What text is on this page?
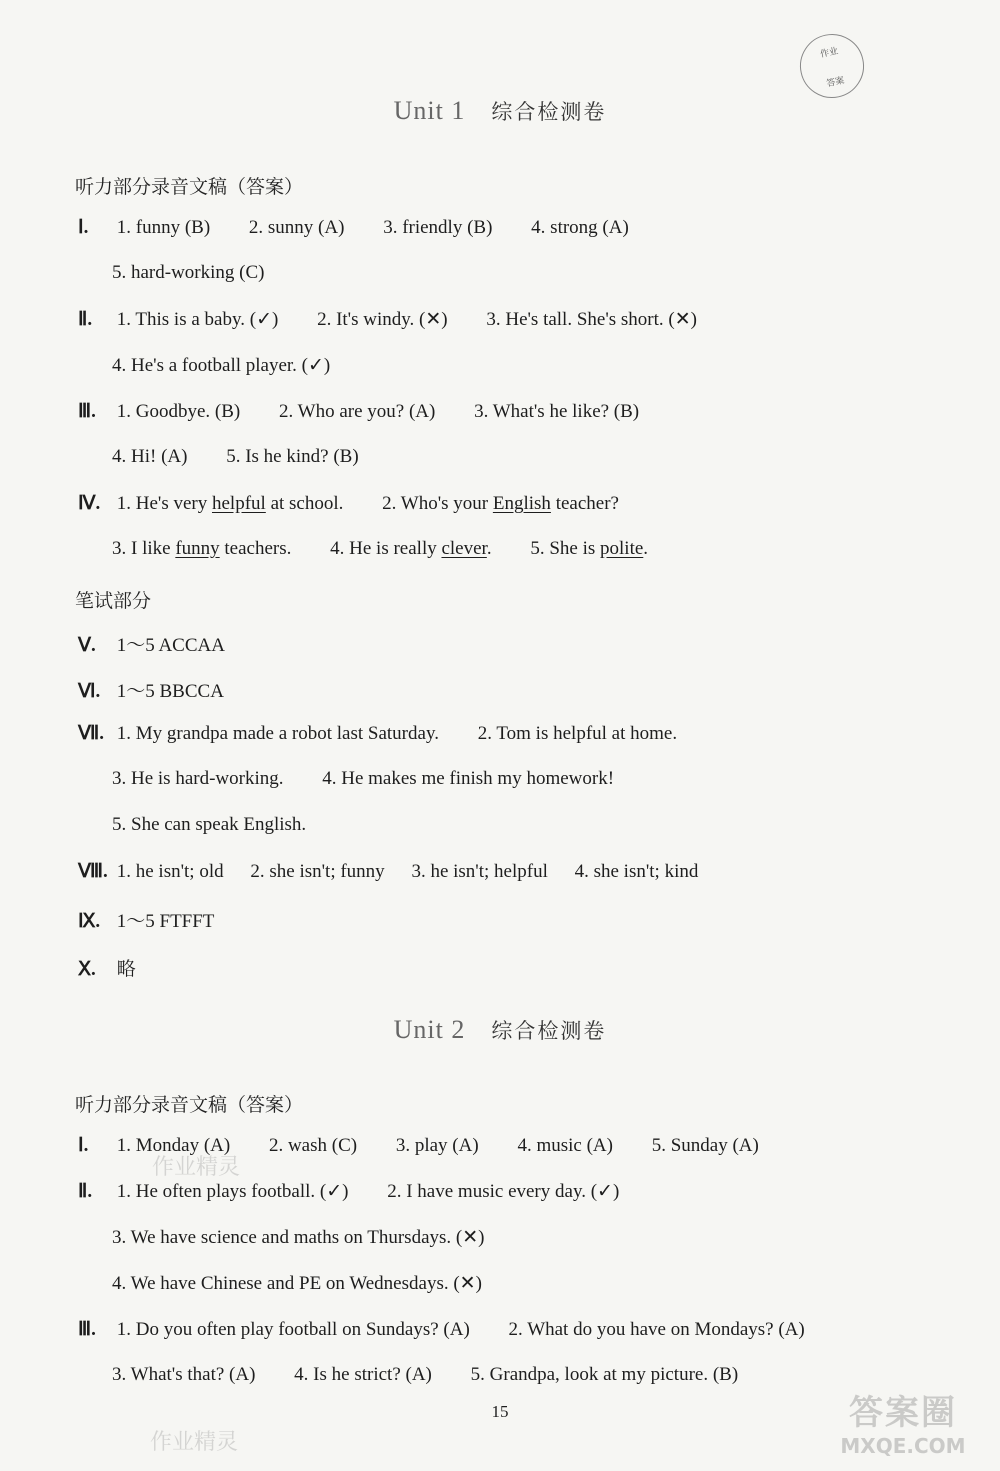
作业
答案
Unit 1 综合检测卷
听力部分录音文稿（答案）
Ⅰ. 1. funny (B) 2. sunny (A) 3. friendly (B) 4. strong (A)
5. hard-working (C)
Ⅱ. 1. This is a baby. (✓) 2. It's windy. (✕) 3. He's tall. She's short. (✕)
4. He's a football player. (✓)
Ⅲ. 1. Goodbye. (B) 2. Who are you? (A) 3. What's he like? (B)
4. Hi! (A) 5. Is he kind? (B)
Ⅳ. 1. He's very helpful at school. 2. Who's your English teacher?
3. I like funny teachers. 4. He is really clever. 5. She is polite.
笔试部分
Ⅴ. 1～5 ACCAA
Ⅵ. 1～5 BBCCA
Ⅶ. 1. My grandpa made a robot last Saturday. 2. Tom is helpful at home.
3. He is hard-working. 4. He makes me finish my homework!
5. She can speak English.
Ⅷ. 1. he isn't; old 2. she isn't; funny 3. he isn't; helpful 4. she isn't; kind
Ⅸ. 1～5 FTFFT
Ⅹ. 略
Unit 2 综合检测卷
听力部分录音文稿（答案）
Ⅰ. 1. Monday (A) 2. wash (C) 3. play (A) 4. music (A) 5. Sunday (A)
Ⅱ. 1. He often plays football. (✓) 2. I have music every day. (✓)
3. We have science and maths on Thursdays. (✕)
4. We have Chinese and PE on Wednesdays. (✕)
Ⅲ. 1. Do you often play football on Sundays? (A) 2. What do you have on Mondays? (A)
3. What's that? (A) 4. Is he strict? (A) 5. Grandpa, look at my picture. (B)
15
作业精灵
作业精灵
答案圈
MXQE.COM
